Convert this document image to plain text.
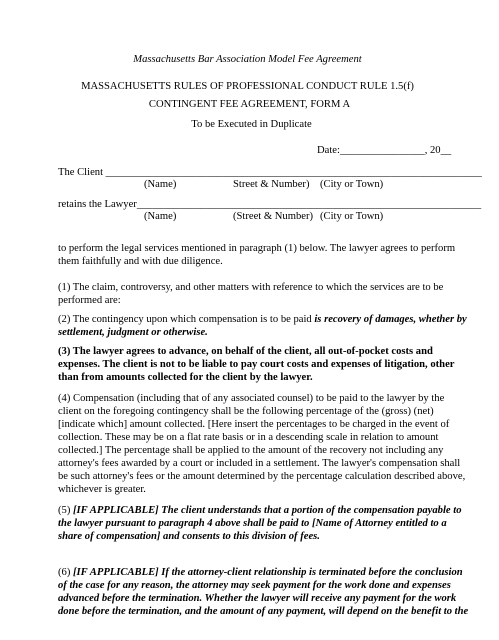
Massachusetts Bar Association Model Fee Agreement
MASSACHUSETTS RULES OF PROFESSIONAL CONDUCT RULE 1.5(f)
CONTINGENT FEE AGREEMENT, FORM A
To be Executed in Duplicate
Date:________________, 20__
The Client _______________________________________________________________________
(Name)	Street & Number) (City or Town)
retains the Lawyer_________________________________________________________________
(Name)	(Street & Number) (City or Town)
to perform the legal services mentioned in paragraph (1) below. The lawyer agrees to perform
them faithfully and with due diligence.
(1) The claim, controversy, and other matters with reference to which the services are to be
performed are:
(2) The contingency upon which compensation is to be paid is recovery of damages, whether by
settlement, judgment or otherwise.
(3) The lawyer agrees to advance, on behalf of the client, all out-of-pocket costs and
expenses. The client is not to be liable to pay court costs and expenses of litigation, other
than from amounts collected for the client by the lawyer.
(4) Compensation (including that of any associated counsel) to be paid to the lawyer by the
client on the foregoing contingency shall be the following percentage of the (gross) (net)
[indicate which] amount collected. [Here insert the percentages to be charged in the event of
collection. These may be on a flat rate basis or in a descending scale in relation to amount
collected.] The percentage shall be applied to the amount of the recovery not including any
attorney's fees awarded by a court or included in a settlement. The lawyer's compensation shall
be such attorney's fees or the amount determined by the percentage calculation described above,
whichever is greater.
(5) [IF APPLICABLE] The client understands that a portion of the compensation payable to
the lawyer pursuant to paragraph 4 above shall be paid to [Name of Attorney entitled to a
share of compensation] and consents to this division of fees.
(6) [IF APPLICABLE] If the attorney-client relationship is terminated before the conclusion
of the case for any reason, the attorney may seek payment for the work done and expenses
advanced before the termination. Whether the lawyer will receive any payment for the work
done before the termination, and the amount of any payment, will depend on the benefit to the
